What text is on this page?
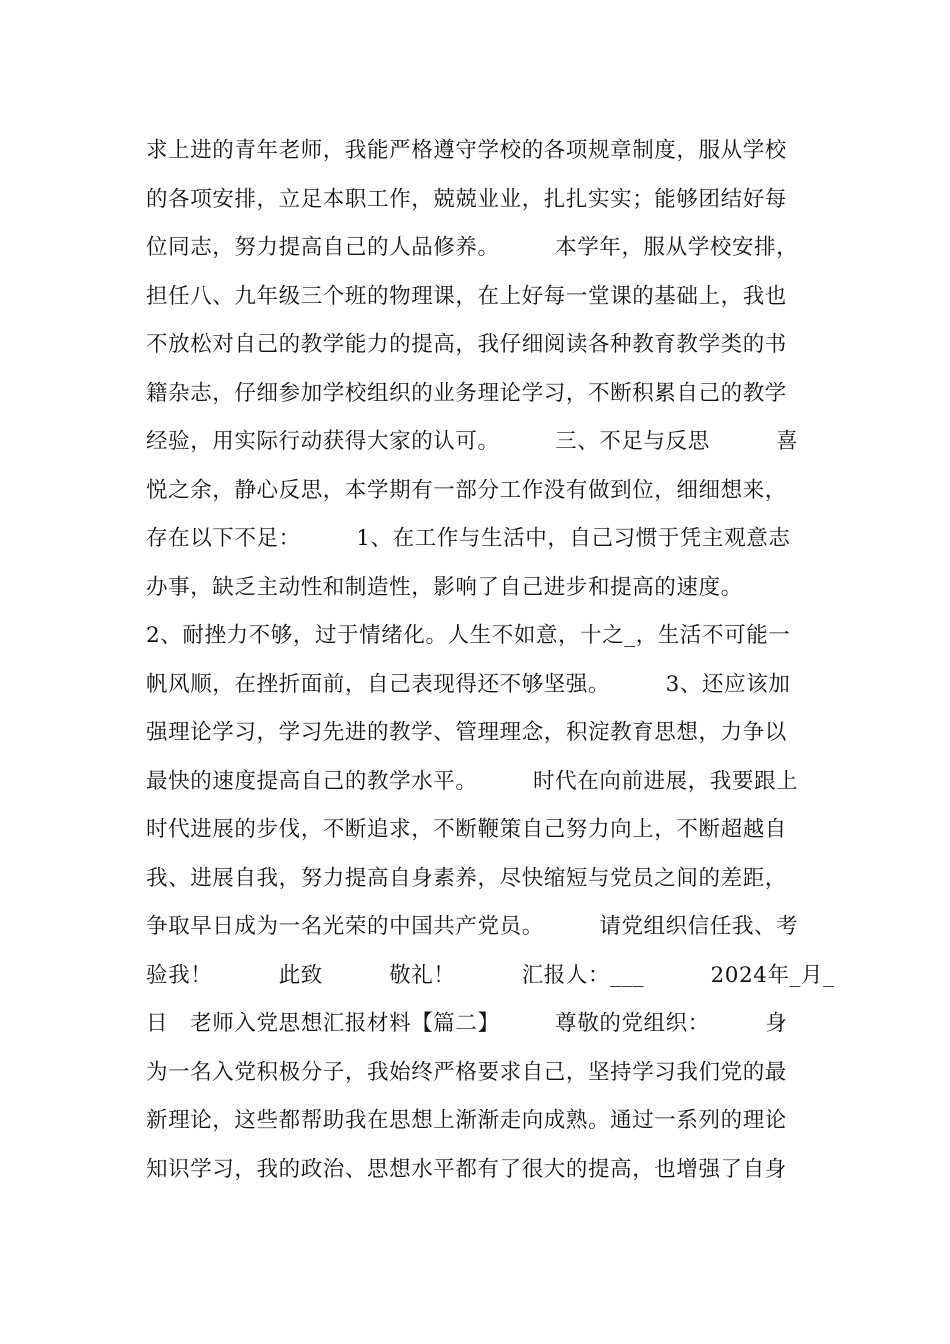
求上进的青年老师，我能严格遵守学校的各项规章制度，服从学校
的各项安排，立足本职工作，兢兢业业，扎扎实实；能够团结好每
位同志，努力提高自己的人品修养。　　　本学年，服从学校安排，
担任八、九年级三个班的物理课，在上好每一堂课的基础上，我也
不放松对自己的教学能力的提高，我仔细阅读各种教育教学类的书
籍杂志，仔细参加学校组织的业务理论学习，不断积累自己的教学
经验，用实际行动获得大家的认可。　　　三、不足与反思　　　喜
悦之余，静心反思，本学期有一部分工作没有做到位，细细想来，
存在以下不足：　　　1、在工作与生活中，自己习惯于凭主观意志
办事，缺乏主动性和制造性，影响了自己进步和提高的速度。
2、耐挫力不够，过于情绪化。人生不如意，十之_，生活不可能一
帆风顺，在挫折面前，自己表现得还不够坚强。　　　3、还应该加
强理论学习，学习先进的教学、管理理念，积淀教育思想，力争以
最快的速度提高自己的教学水平。　　　时代在向前进展，我要跟上
时代进展的步伐，不断追求，不断鞭策自己努力向上，不断超越自
我、进展自我，努力提高自身素养，尽快缩短与党员之间的差距，
争取早日成为一名光荣的中国共产党员。　　　请党组织信任我、考
验我！　　　此致　　　敬礼！　　　汇报人：___　　　2024年_月_
日　老师入党思想汇报材料【篇二】　　　尊敬的党组织：　　　身
为一名入党积极分子，我始终严格要求自己，坚持学习我们党的最
新理论，这些都帮助我在思想上渐渐走向成熟。通过一系列的理论
知识学习，我的政治、思想水平都有了很大的提高，也增强了自身
